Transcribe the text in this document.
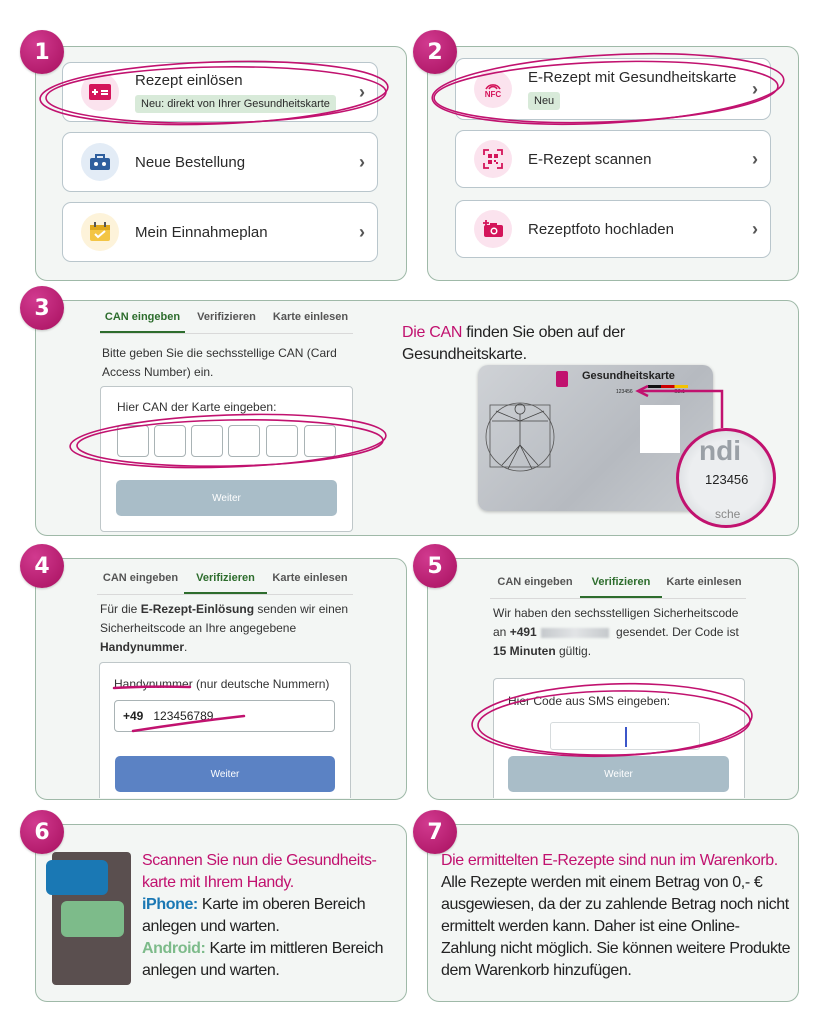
1
Rezept einlösen
Neu: direkt von Ihrer Gesundheitskarte
›
Neue Bestellung	›
Mein Einnahmeplan	›
2
NFC
E-Rezept mit Gesundheitskarte
Neu
›
E-Rezept scannen	›
Rezeptfoto hochladen	›
3	CAN eingeben	Verifizieren	Karte einlesen
Bitte geben Sie die sechsstellige CAN (Card Access Number) ein.
Hier CAN der Karte eingeben:
Weiter
Die CAN finden Sie oben auf der Gesundheitskarte.
Gesundheitskarte
G2.1
123456
ndi
123456
sche
4	CAN eingeben	Verifizieren	Karte einlesen
Für die E-Rezept-Einlösung senden wir einen Sicherheitscode an Ihre angegebene Handynummer.
Handynummer (nur deutsche Nummern)
+49 123456789
Weiter
5
CAN eingeben	Verifizieren	Karte einlesen
Wir haben den sechsstelligen Sicherheitscode
an +491	gesendet. Der Code ist
15 Minuten gültig.
Hier Code aus SMS eingeben:
Weiter
6
Scannen Sie nun die Gesundheits-karte mit Ihrem Handy.
iPhone: Karte im oberen Bereich anlegen und warten.
Android: Karte im mittleren Bereich anlegen und warten.
7
Die ermittelten E-Rezepte sind nun im Warenkorb.
Alle Rezepte werden mit einem Betrag von 0,- € ausgewiesen, da der zu zahlende Betrag noch nicht ermittelt werden kann. Daher ist eine Online-Zahlung nicht möglich. Sie können weitere Produkte dem Warenkorb hinzufügen.
